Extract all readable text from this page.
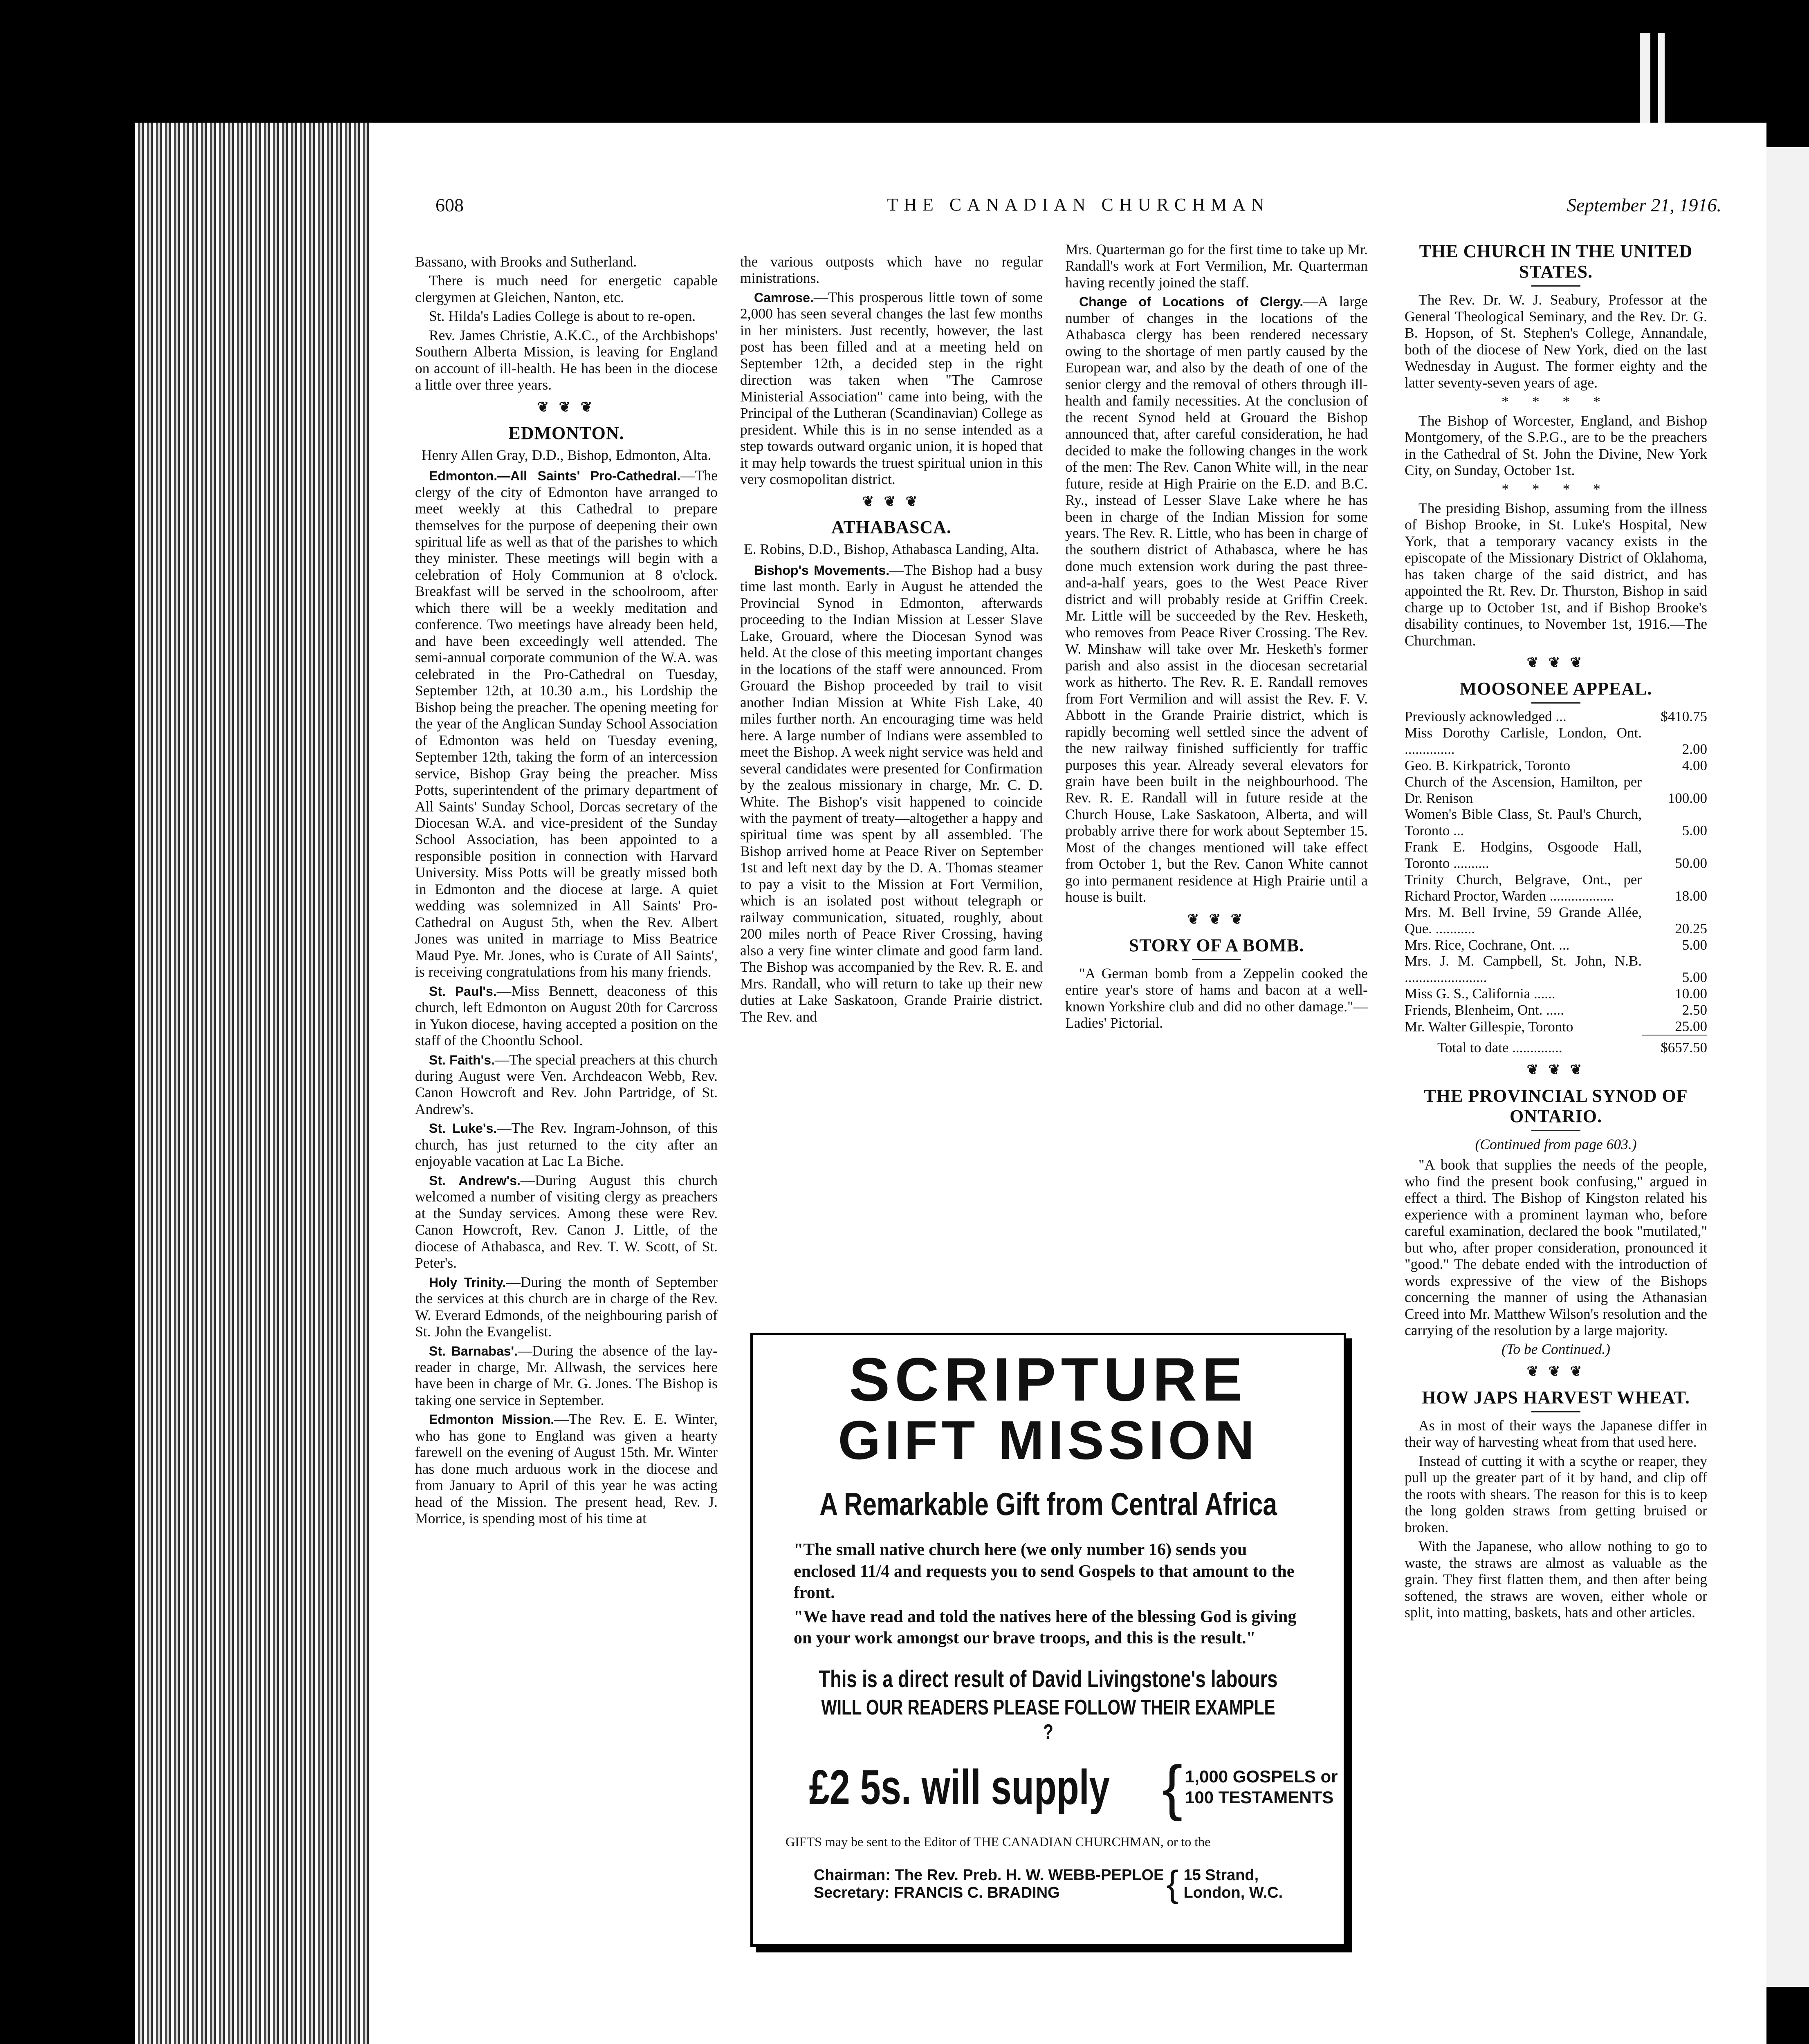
608	THE CANADIAN CHURCHMAN	September 21, 1916.

Bassano, with Brooks and Sutherland.

There is much need for energetic capable clergymen at Gleichen, Nanton, etc.

St. Hilda's Ladies College is about to re-open.

Rev. James Christie, A.K.C., of the Archbishops' Southern Alberta Mission, is leaving for England on account of ill-health. He has been in the diocese a little over three years.

❦ ❦ ❦
EDMONTON.
Henry Allen Gray, D.D., Bishop, Edmonton, Alta.

Edmonton.—All Saints' Pro-Cathedral.—The clergy of the city of Edmonton have arranged to meet weekly at this Cathedral to prepare themselves for the purpose of deepening their own spiritual life as well as that of the parishes to which they minister. These meetings will begin with a celebration of Holy Communion at 8 o'clock. Breakfast will be served in the schoolroom, after which there will be a weekly meditation and conference. Two meetings have already been held, and have been exceedingly well attended. The semi-annual corporate communion of the W.A. was celebrated in the Pro-Cathedral on Tuesday, September 12th, at 10.30 a.m., his Lordship the Bishop being the preacher. The opening meeting for the year of the Anglican Sunday School Association of Edmonton was held on Tuesday evening, September 12th, taking the form of an intercession service, Bishop Gray being the preacher. Miss Potts, superintendent of the primary department of All Saints' Sunday School, Dorcas secretary of the Diocesan W.A. and vice-president of the Sunday School Association, has been appointed to a responsible position in connection with Harvard University. Miss Potts will be greatly missed both in Edmonton and the diocese at large. A quiet wedding was solemnized in All Saints' Pro-Cathedral on August 5th, when the Rev. Albert Jones was united in marriage to Miss Beatrice Maud Pye. Mr. Jones, who is Curate of All Saints', is receiving congratulations from his many friends.

St. Paul's.—Miss Bennett, deaconess of this church, left Edmonton on August 20th for Carcross in Yukon diocese, having accepted a position on the staff of the Choontlu School.

St. Faith's.—The special preachers at this church during August were Ven. Archdeacon Webb, Rev. Canon Howcroft and Rev. John Partridge, of St. Andrew's.

St. Luke's.—The Rev. Ingram-Johnson, of this church, has just returned to the city after an enjoyable vacation at Lac La Biche.

St. Andrew's.—During August this church welcomed a number of visiting clergy as preachers at the Sunday services. Among these were Rev. Canon Howcroft, Rev. Canon J. Little, of the diocese of Athabasca, and Rev. T. W. Scott, of St. Peter's.

Holy Trinity.—During the month of September the services at this church are in charge of the Rev. W. Everard Edmonds, of the neighbouring parish of St. John the Evangelist.

St. Barnabas'.—During the absence of the lay-reader in charge, Mr. Allwash, the services here have been in charge of Mr. G. Jones. The Bishop is taking one service in September.

Edmonton Mission.—The Rev. E. E. Winter, who has gone to England was given a hearty farewell on the evening of August 15th. Mr. Winter has done much arduous work in the diocese and from January to April of this year he was acting head of the Mission. The present head, Rev. J. Morrice, is spending most of his time at

the various outposts which have no regular ministrations.

Camrose.—This prosperous little town of some 2,000 has seen several changes the last few months in her ministers. Just recently, however, the last post has been filled and at a meeting held on September 12th, a decided step in the right direction was taken when "The Camrose Ministerial Association" came into being, with the Principal of the Lutheran (Scandinavian) College as president. While this is in no sense intended as a step towards outward organic union, it is hoped that it may help towards the truest spiritual union in this very cosmopolitan district.

❦ ❦ ❦
ATHABASCA.
E. Robins, D.D., Bishop, Athabasca Landing, Alta.

Bishop's Movements.—The Bishop had a busy time last month. Early in August he attended the Provincial Synod in Edmonton, afterwards proceeding to the Indian Mission at Lesser Slave Lake, Grouard, where the Diocesan Synod was held. At the close of this meeting important changes in the locations of the staff were announced. From Grouard the Bishop proceeded by trail to visit another Indian Mission at White Fish Lake, 40 miles further north. An encouraging time was held here. A large number of Indians were assembled to meet the Bishop. A week night service was held and several candidates were presented for Confirmation by the zealous missionary in charge, Mr. C. D. White. The Bishop's visit happened to coincide with the payment of treaty—altogether a happy and spiritual time was spent by all assembled. The Bishop arrived home at Peace River on September 1st and left next day by the D. A. Thomas steamer to pay a visit to the Mission at Fort Vermilion, which is an isolated post without telegraph or railway communication, situated, roughly, about 200 miles north of Peace River Crossing, having also a very fine winter climate and good farm land. The Bishop was accompanied by the Rev. R. E. and Mrs. Randall, who will return to take up their new duties at Lake Saskatoon, Grande Prairie district. The Rev. and

Mrs. Quarterman go for the first time to take up Mr. Randall's work at Fort Vermilion, Mr. Quarterman having recently joined the staff.

Change of Locations of Clergy.—A large number of changes in the locations of the Athabasca clergy has been rendered necessary owing to the shortage of men partly caused by the European war, and also by the death of one of the senior clergy and the removal of others through ill-health and family necessities. At the conclusion of the recent Synod held at Grouard the Bishop announced that, after careful consideration, he had decided to make the following changes in the work of the men: The Rev. Canon White will, in the near future, reside at High Prairie on the E.D. and B.C. Ry., instead of Lesser Slave Lake where he has been in charge of the Indian Mission for some years. The Rev. R. Little, who has been in charge of the southern district of Athabasca, where he has done much extension work during the past three-and-a-half years, goes to the West Peace River district and will probably reside at Griffin Creek. Mr. Little will be succeeded by the Rev. Hesketh, who removes from Peace River Crossing. The Rev. W. Minshaw will take over Mr. Hesketh's former parish and also assist in the diocesan secretarial work as hitherto. The Rev. R. E. Randall removes from Fort Vermilion and will assist the Rev. F. V. Abbott in the Grande Prairie district, which is rapidly becoming well settled since the advent of the new railway finished sufficiently for traffic purposes this year. Already several elevators for grain have been built in the neighbourhood. The Rev. R. E. Randall will in future reside at the Church House, Lake Saskatoon, Alberta, and will probably arrive there for work about September 15. Most of the changes mentioned will take effect from October 1, but the Rev. Canon White cannot go into permanent residence at High Prairie until a house is built.

❦ ❦ ❦
STORY OF A BOMB.

"A German bomb from a Zeppelin cooked the entire year's store of hams and bacon at a well-known Yorkshire club and did no other damage."—Ladies' Pictorial.

THE CHURCH IN THE UNITED STATES.

The Rev. Dr. W. J. Seabury, Professor at the General Theological Seminary, and the Rev. Dr. G. B. Hopson, of St. Stephen's College, Annandale, both of the diocese of New York, died on the last Wednesday in August. The former eighty and the latter seventy-seven years of age.

* * * *

The Bishop of Worcester, England, and Bishop Montgomery, of the S.P.G., are to be the preachers in the Cathedral of St. John the Divine, New York City, on Sunday, October 1st.

* * * *

The presiding Bishop, assuming from the illness of Bishop Brooke, in St. Luke's Hospital, New York, that a temporary vacancy exists in the episcopate of the Missionary District of Oklahoma, has taken charge of the said district, and has appointed the Rt. Rev. Dr. Thurston, Bishop in said charge up to October 1st, and if Bishop Brooke's disability continues, to November 1st, 1916.—The Churchman.

❦ ❦ ❦
MOOSONEE APPEAL.
Previously acknowledged ...	$410.75
Miss Dorothy Carlisle, London, Ont. ..............	2.00
Geo. B. Kirkpatrick, Toronto	4.00
Church of the Ascension, Hamilton, per Dr. Renison	100.00
Women's Bible Class, St. Paul's Church, Toronto ...	5.00
Frank E. Hodgins, Osgoode Hall, Toronto ..........	50.00
Trinity Church, Belgrave, Ont., per Richard Proctor, Warden ..................	18.00
Mrs. M. Bell Irvine, 59 Grande Allée, Que. ...........	20.25
Mrs. Rice, Cochrane, Ont. ...	5.00
Mrs. J. M. Campbell, St. John, N.B. .......................	5.00
Miss G. S., California ......	10.00
Friends, Blenheim, Ont. .....	2.50
Mr. Walter Gillespie, Toronto	25.00
Total to date ..............	$657.50
❦ ❦ ❦
THE PROVINCIAL SYNOD OF ONTARIO.
(Continued from page 603.)

"A book that supplies the needs of the people, who find the present book confusing," argued in effect a third. The Bishop of Kingston related his experience with a prominent layman who, before careful examination, declared the book "mutilated," but who, after proper consideration, pronounced it "good." The debate ended with the introduction of words expressive of the view of the Bishops concerning the manner of using the Athanasian Creed into Mr. Matthew Wilson's resolution and the carrying of the resolution by a large majority.

(To be Continued.)
❦ ❦ ❦
HOW JAPS HARVEST WHEAT.

As in most of their ways the Japanese differ in their way of harvesting wheat from that used here.

Instead of cutting it with a scythe or reaper, they pull up the greater part of it by hand, and clip off the roots with shears. The reason for this is to keep the long golden straws from getting bruised or broken.

With the Japanese, who allow nothing to go to waste, the straws are almost as valuable as the grain. They first flatten them, and then after being softened, the straws are woven, either whole or split, into matting, baskets, hats and other articles.

SCRIPTURE
GIFT MISSION
A Remarkable Gift from Central Africa
"The small native church here (we only number 16) sends you enclosed 11/4 and requests you to send Gospels to that amount to the front.
"We have read and told the natives here of the blessing God is giving on your work amongst our brave troops, and this is the result."
This is a direct result of David Livingstone's labours
WILL OUR READERS PLEASE FOLLOW THEIR EXAMPLE ?
£2 5s. will supply { 1,000 GOSPELS or
100 TESTAMENTS
GIFTS may be sent to the Editor of THE CANADIAN CHURCHMAN, or to the
Chairman: The Rev. Preb. H. W. WEBB-PEPLOE
Secretary: FRANCIS C. BRADING	{ 15 Strand,
London, W.C.
